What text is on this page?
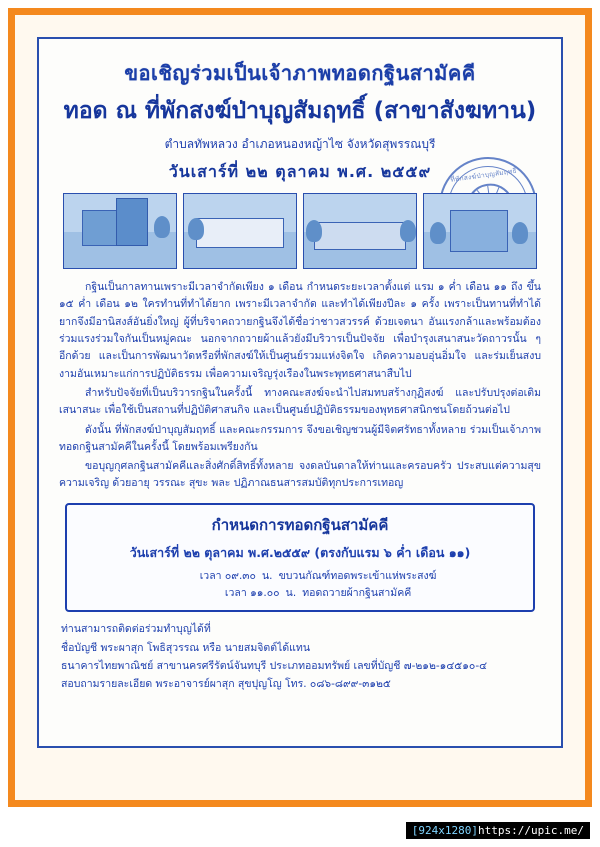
ขอเชิญร่วมเป็นเจ้าภาพทอดกฐินสามัคคี
ทอด ณ ที่พักสงฆ์ป่าบุญสัมฤทธิ์ (สาขาสังฆทาน)
ตำบลทัพหลวง อำเภอหนองหญ้าไซ จังหวัดสุพรรณบุรี
วันเสาร์ที่ ๒๒ ตุลาคม พ.ศ. ๒๕๕๙	ที่พักสงฆ์ป่าบุญสัมฤทธิ์

กฐินเป็นกาลทานเพราะมีเวลาจำกัดเพียง ๑ เดือน กำหนดระยะเวลาตั้งแต่ แรม ๑ ค่ำ เดือน ๑๑ ถึง ขึ้น ๑๕ ค่ำ เดือน ๑๒ ใครทำนที่ทำได้ยาก เพราะมีเวลาจำกัด และทำได้เพียงปีละ ๑ ครั้ง เพราะเป็นทานที่ทำได้ยากจึงมีอานิสงส์อันยิ่งใหญ่ ผู้ที่บริจาคถวายกฐินจึงได้ชื่อว่าชาวสวรรค์ ด้วยเจตนา อันแรงกล้าและพร้อมต้อง ร่วมแรงร่วมใจกันเป็นหมู่คณะ นอกจากถวายผ้าแล้วยังมีบริวารเป็นปัจจัย เพื่อบำรุงเสนาสนะวัดถาวรนั้น ๆ อีกด้วย และเป็นการพัฒนาวัดหรือที่พักสงฆ์ให้เป็นศูนย์รวมแห่งจิตใจ เกิดความอบอุ่นอิ่มใจ และร่มเย็นสงบงามอันเหมาะแก่การปฏิบัติธรรม เพื่อความเจริญรุ่งเรืองในพระพุทธศาสนาสืบไป

สำหรับปัจจัยที่เป็นบริวารกฐินในครั้งนี้ ทางคณะสงฆ์จะนำไปสมทบสร้างกุฏิสงฆ์ และปรับปรุงต่อเติมเสนาสนะ เพื่อใช้เป็นสถานที่ปฏิบัติศาสนกิจ และเป็นศูนย์ปฏิบัติธรรมของพุทธศาสนิกชนโดยถ้วนต่อไป

ดังนั้น ที่พักสงฆ์ป่าบุญสัมฤทธิ์ และคณะกรรมการ จึงขอเชิญชวนผู้มีจิตศรัทธาทั้งหลาย ร่วมเป็นเจ้าภาพทอดกฐินสามัคคีในครั้งนี้ โดยพร้อมเพรียงกัน

ขอบุญกุศลกฐินสามัคคีและสิ่งศักดิ์สิทธิ์ทั้งหลาย จงดลบันดาลให้ท่านและครอบครัว ประสบแต่ความสุข ความเจริญ ด้วยอายุ วรรณะ สุขะ พละ ปฏิภาณธนสารสมบัติทุกประการเทอญ

กำหนดการทอดกฐินสามัคคี
วันเสาร์ที่ ๒๒ ตุลาคม พ.ศ.๒๕๕๙ (ตรงกับแรม ๖ ค่ำ เดือน ๑๑)
เวลา ๐๙.๓๐ น. ขบวนกัณฑ์ทอดพระเข้าแห่พระสงฆ์
เวลา ๑๑.๐๐ น. ทอดถวายผ้ากฐินสามัคคี
ท่านสามารถติดต่อร่วมทำบุญได้ที่
ชื่อบัญชี พระผาสุก โพธิสุวรรณ หรือ นายสมจิตต์ได้แทน
ธนาคารไทยพาณิชย์ สาขานครศรีรัตน์จันทบุรี ประเภทออมทรัพย์ เลขที่บัญชี ๗-๒๑๒-๑๔๕๑๐-๔
สอบถามรายละเอียด พระอาจารย์ผาสุก สุขปุญโญ โทร. ๐๘๖-๘๙๙-๓๑๒๕
[924x1280]https://upic.me/
